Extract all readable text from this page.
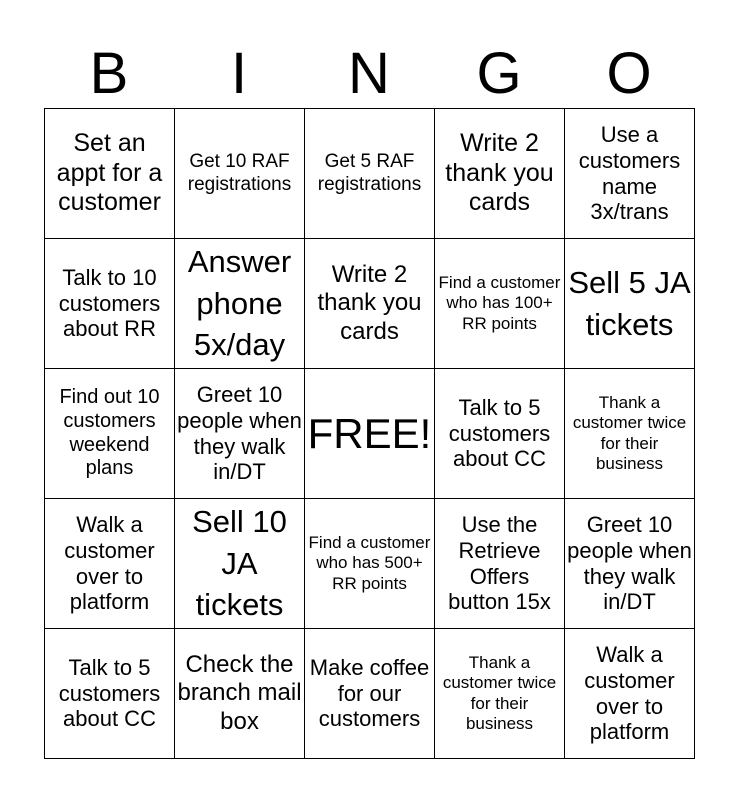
B	I	N	G	O
Set an appt for a customer	Get 10 RAF registrations	Get 5 RAF registrations	Write 2 thank you cards	Use a customers name 3x/trans
Talk to 10 customers about RR	Answer phone 5x/day	Write 2 thank you cards	Find a customer who has 100+ RR points	Sell 5 JA tickets
Find out 10 customers weekend plans	Greet 10 people when they walk in/DT	FREE!	Talk to 5 customers about CC	Thank a customer twice for their business
Walk a customer over to platform	Sell 10 JA tickets	Find a customer who has 500+ RR points	Use the Retrieve Offers button 15x	Greet 10 people when they walk in/DT
Talk to 5 customers about CC	Check the branch mail box	Make coffee for our customers	Thank a customer twice for their business	Walk a customer over to platform
